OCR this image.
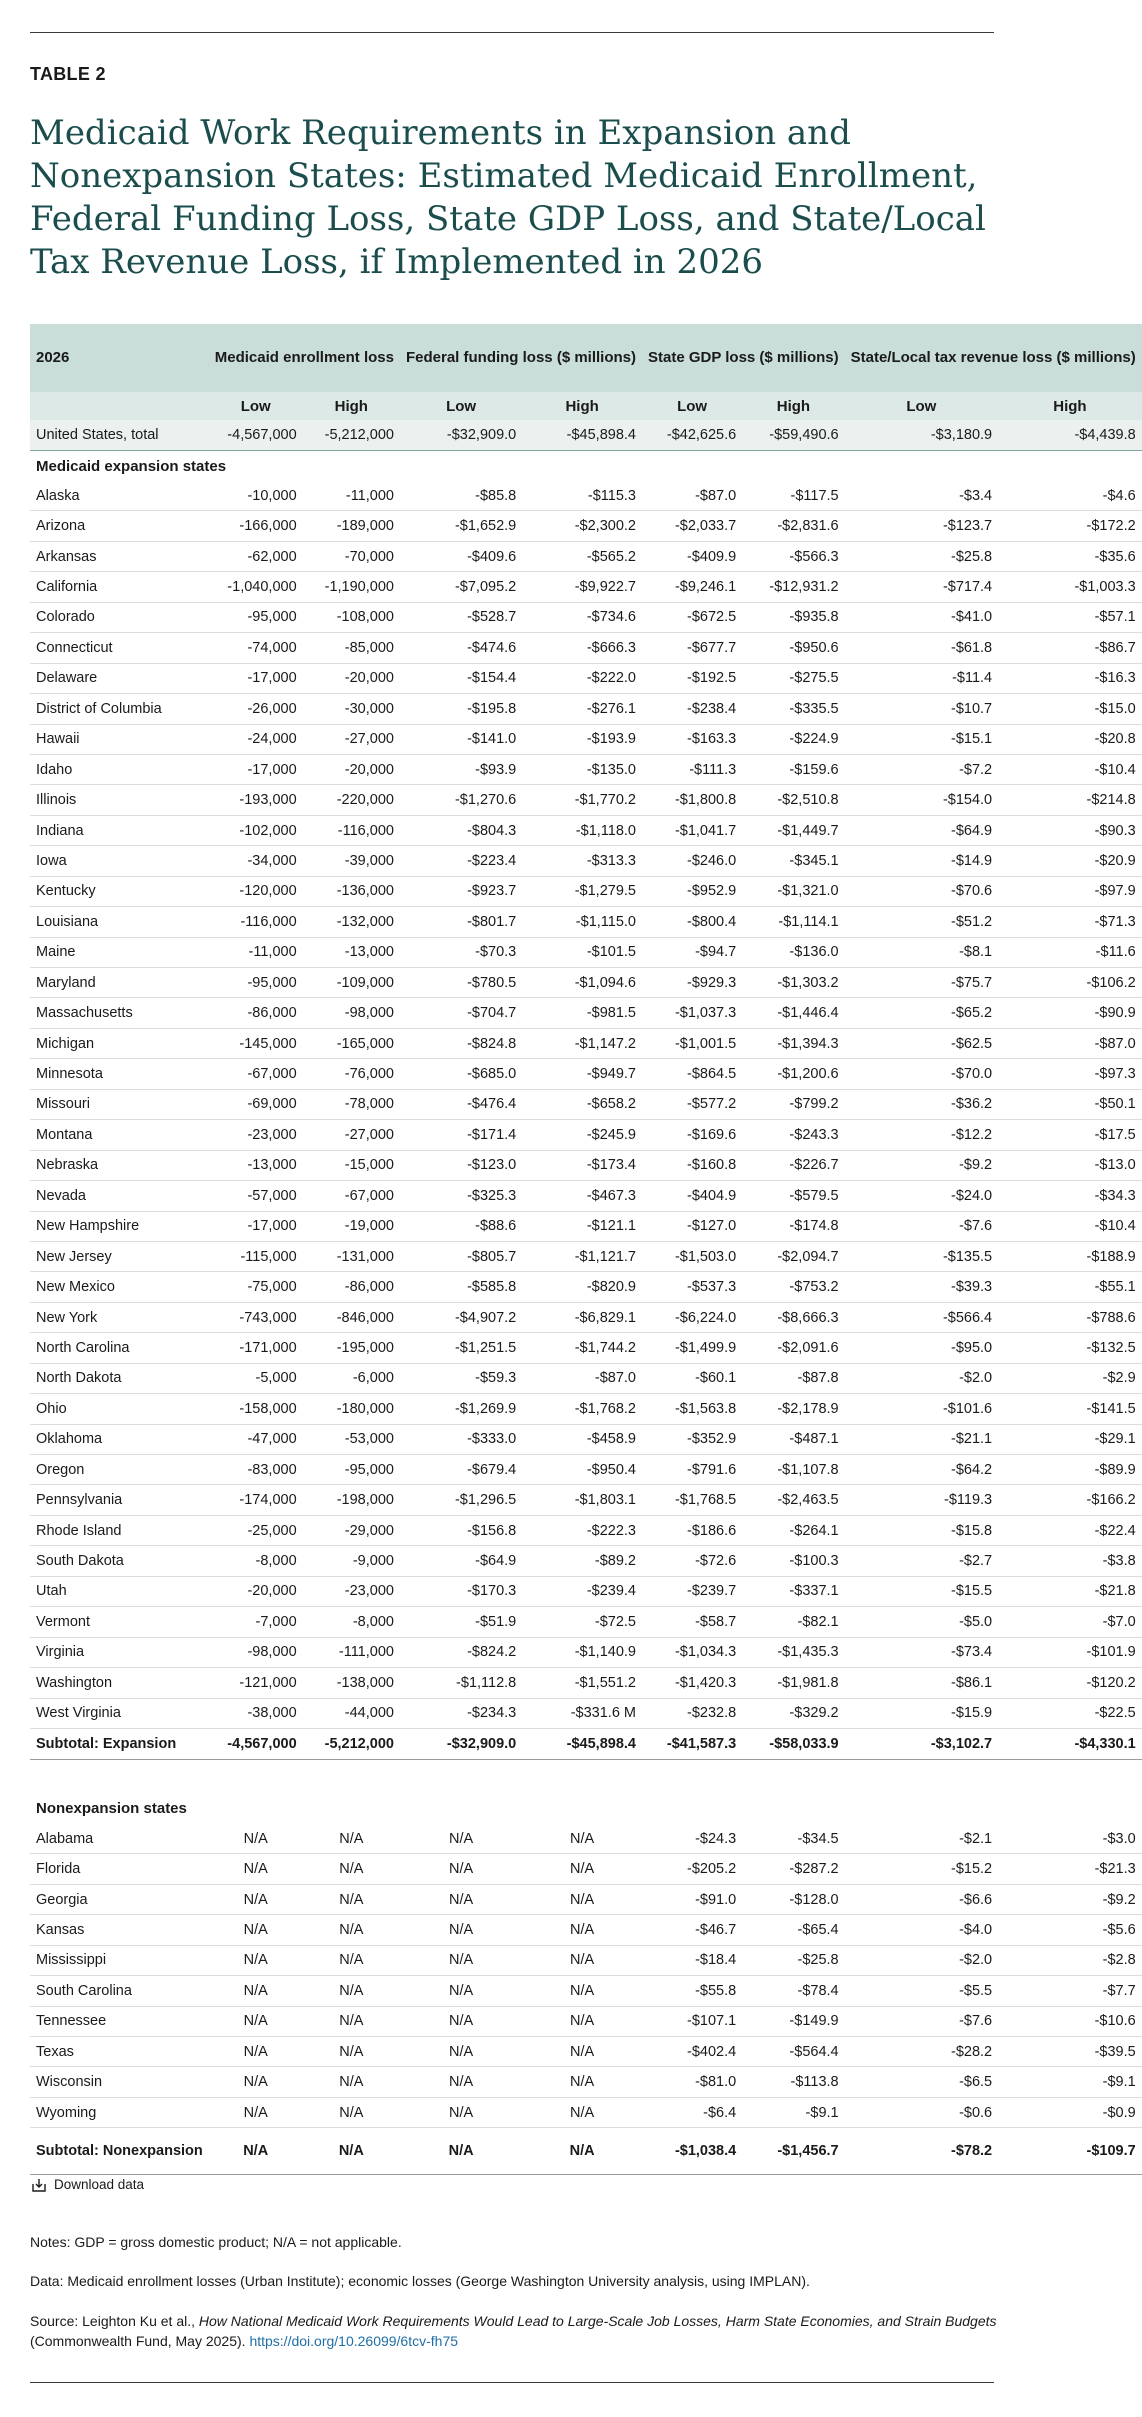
TABLE 2
Medicaid Work Requirements in Expansion and Nonexpansion States: Estimated Medicaid Enrollment, Federal Funding Loss, State GDP Loss, and State/Local Tax Revenue Loss, if Implemented in 2026
2026	Medicaid enrollment loss		Federal funding loss ($ millions)		State GDP loss ($ millions)		State/Local tax revenue loss ($ millions)	
	Low	High	Low	High	Low	High	Low	High
United States, total	-4,567,000	-5,212,000	-$32,909.0	-$45,898.4	-$42,625.6	-$59,490.6	-$3,180.9	-$4,439.8
Medicaid expansion states								
Alaska	-10,000	-11,000	-$85.8	-$115.3	-$87.0	-$117.5	-$3.4	-$4.6
Arizona	-166,000	-189,000	-$1,652.9	-$2,300.2	-$2,033.7	-$2,831.6	-$123.7	-$172.2
Arkansas	-62,000	-70,000	-$409.6	-$565.2	-$409.9	-$566.3	-$25.8	-$35.6
California	-1,040,000	-1,190,000	-$7,095.2	-$9,922.7	-$9,246.1	-$12,931.2	-$717.4	-$1,003.3
Colorado	-95,000	-108,000	-$528.7	-$734.6	-$672.5	-$935.8	-$41.0	-$57.1
Connecticut	-74,000	-85,000	-$474.6	-$666.3	-$677.7	-$950.6	-$61.8	-$86.7
Delaware	-17,000	-20,000	-$154.4	-$222.0	-$192.5	-$275.5	-$11.4	-$16.3
District of Columbia	-26,000	-30,000	-$195.8	-$276.1	-$238.4	-$335.5	-$10.7	-$15.0
Hawaii	-24,000	-27,000	-$141.0	-$193.9	-$163.3	-$224.9	-$15.1	-$20.8
Idaho	-17,000	-20,000	-$93.9	-$135.0	-$111.3	-$159.6	-$7.2	-$10.4
Illinois	-193,000	-220,000	-$1,270.6	-$1,770.2	-$1,800.8	-$2,510.8	-$154.0	-$214.8
Indiana	-102,000	-116,000	-$804.3	-$1,118.0	-$1,041.7	-$1,449.7	-$64.9	-$90.3
Iowa	-34,000	-39,000	-$223.4	-$313.3	-$246.0	-$345.1	-$14.9	-$20.9
Kentucky	-120,000	-136,000	-$923.7	-$1,279.5	-$952.9	-$1,321.0	-$70.6	-$97.9
Louisiana	-116,000	-132,000	-$801.7	-$1,115.0	-$800.4	-$1,114.1	-$51.2	-$71.3
Maine	-11,000	-13,000	-$70.3	-$101.5	-$94.7	-$136.0	-$8.1	-$11.6
Maryland	-95,000	-109,000	-$780.5	-$1,094.6	-$929.3	-$1,303.2	-$75.7	-$106.2
Massachusetts	-86,000	-98,000	-$704.7	-$981.5	-$1,037.3	-$1,446.4	-$65.2	-$90.9
Michigan	-145,000	-165,000	-$824.8	-$1,147.2	-$1,001.5	-$1,394.3	-$62.5	-$87.0
Minnesota	-67,000	-76,000	-$685.0	-$949.7	-$864.5	-$1,200.6	-$70.0	-$97.3
Missouri	-69,000	-78,000	-$476.4	-$658.2	-$577.2	-$799.2	-$36.2	-$50.1
Montana	-23,000	-27,000	-$171.4	-$245.9	-$169.6	-$243.3	-$12.2	-$17.5
Nebraska	-13,000	-15,000	-$123.0	-$173.4	-$160.8	-$226.7	-$9.2	-$13.0
Nevada	-57,000	-67,000	-$325.3	-$467.3	-$404.9	-$579.5	-$24.0	-$34.3
New Hampshire	-17,000	-19,000	-$88.6	-$121.1	-$127.0	-$174.8	-$7.6	-$10.4
New Jersey	-115,000	-131,000	-$805.7	-$1,121.7	-$1,503.0	-$2,094.7	-$135.5	-$188.9
New Mexico	-75,000	-86,000	-$585.8	-$820.9	-$537.3	-$753.2	-$39.3	-$55.1
New York	-743,000	-846,000	-$4,907.2	-$6,829.1	-$6,224.0	-$8,666.3	-$566.4	-$788.6
North Carolina	-171,000	-195,000	-$1,251.5	-$1,744.2	-$1,499.9	-$2,091.6	-$95.0	-$132.5
North Dakota	-5,000	-6,000	-$59.3	-$87.0	-$60.1	-$87.8	-$2.0	-$2.9
Ohio	-158,000	-180,000	-$1,269.9	-$1,768.2	-$1,563.8	-$2,178.9	-$101.6	-$141.5
Oklahoma	-47,000	-53,000	-$333.0	-$458.9	-$352.9	-$487.1	-$21.1	-$29.1
Oregon	-83,000	-95,000	-$679.4	-$950.4	-$791.6	-$1,107.8	-$64.2	-$89.9
Pennsylvania	-174,000	-198,000	-$1,296.5	-$1,803.1	-$1,768.5	-$2,463.5	-$119.3	-$166.2
Rhode Island	-25,000	-29,000	-$156.8	-$222.3	-$186.6	-$264.1	-$15.8	-$22.4
South Dakota	-8,000	-9,000	-$64.9	-$89.2	-$72.6	-$100.3	-$2.7	-$3.8
Utah	-20,000	-23,000	-$170.3	-$239.4	-$239.7	-$337.1	-$15.5	-$21.8
Vermont	-7,000	-8,000	-$51.9	-$72.5	-$58.7	-$82.1	-$5.0	-$7.0
Virginia	-98,000	-111,000	-$824.2	-$1,140.9	-$1,034.3	-$1,435.3	-$73.4	-$101.9
Washington	-121,000	-138,000	-$1,112.8	-$1,551.2	-$1,420.3	-$1,981.8	-$86.1	-$120.2
West Virginia	-38,000	-44,000	-$234.3	-$331.6 M	-$232.8	-$329.2	-$15.9	-$22.5
Subtotal: Expansion	-4,567,000	-5,212,000	-$32,909.0	-$45,898.4	-$41,587.3	-$58,033.9	-$3,102.7	-$4,330.1

Nonexpansion states								
Alabama	N/A	N/A	N/A	N/A	-$24.3	-$34.5	-$2.1	-$3.0
Florida	N/A	N/A	N/A	N/A	-$205.2	-$287.2	-$15.2	-$21.3
Georgia	N/A	N/A	N/A	N/A	-$91.0	-$128.0	-$6.6	-$9.2
Kansas	N/A	N/A	N/A	N/A	-$46.7	-$65.4	-$4.0	-$5.6
Mississippi	N/A	N/A	N/A	N/A	-$18.4	-$25.8	-$2.0	-$2.8
South Carolina	N/A	N/A	N/A	N/A	-$55.8	-$78.4	-$5.5	-$7.7
Tennessee	N/A	N/A	N/A	N/A	-$107.1	-$149.9	-$7.6	-$10.6
Texas	N/A	N/A	N/A	N/A	-$402.4	-$564.4	-$28.2	-$39.5
Wisconsin	N/A	N/A	N/A	N/A	-$81.0	-$113.8	-$6.5	-$9.1
Wyoming	N/A	N/A	N/A	N/A	-$6.4	-$9.1	-$0.6	-$0.9
Subtotal: Nonexpansion	N/A	N/A	N/A	N/A	-$1,038.4	-$1,456.7	-$78.2	-$109.7
Download data

Notes: GDP = gross domestic product; N/A = not applicable.

Data: Medicaid enrollment losses (Urban Institute); economic losses (George Washington University analysis, using IMPLAN).

Source: Leighton Ku et al., How National Medicaid Work Requirements Would Lead to Large-Scale Job Losses, Harm State Economies, and Strain Budgets (Commonwealth Fund, May 2025). https://doi.org/10.26099/6tcv-fh75
